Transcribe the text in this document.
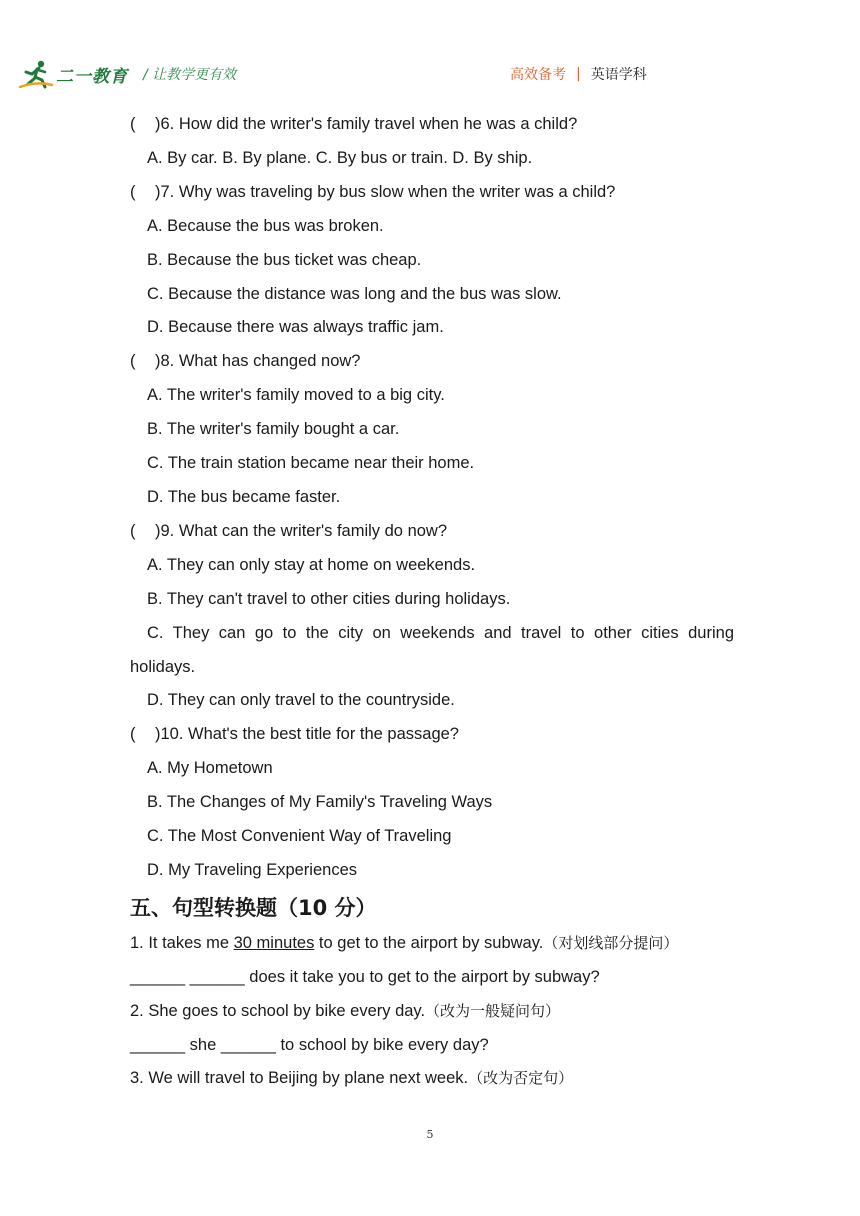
二一教育 / 让教学更有效	高效备考 | 英语学科
( )6. How did the writer's family travel when he was a child?
A. By car. B. By plane. C. By bus or train. D. By ship.
( )7. Why was traveling by bus slow when the writer was a child?
A. Because the bus was broken.
B. Because the bus ticket was cheap.
C. Because the distance was long and the bus was slow.
D. Because there was always traffic jam.
( )8. What has changed now?
A. The writer's family moved to a big city.
B. The writer's family bought a car.
C. The train station became near their home.
D. The bus became faster.
( )9. What can the writer's family do now?
A. They can only stay at home on weekends.
B. They can't travel to other cities during holidays.
C. They can go to the city on weekends and travel to other cities during
holidays.
D. They can only travel to the countryside.
( )10. What's the best title for the passage?
A. My Hometown
B. The Changes of My Family's Traveling Ways
C. The Most Convenient Way of Traveling
D. My Traveling Experiences
五、句型转换题（10 分）
1. It takes me 30 minutes to get to the airport by subway.（对划线部分提问）
______ ______ does it take you to get to the airport by subway?
2. She goes to school by bike every day.（改为一般疑问句）
______ she ______ to school by bike every day?
3. We will travel to Beijing by plane next week.（改为否定句）
5
